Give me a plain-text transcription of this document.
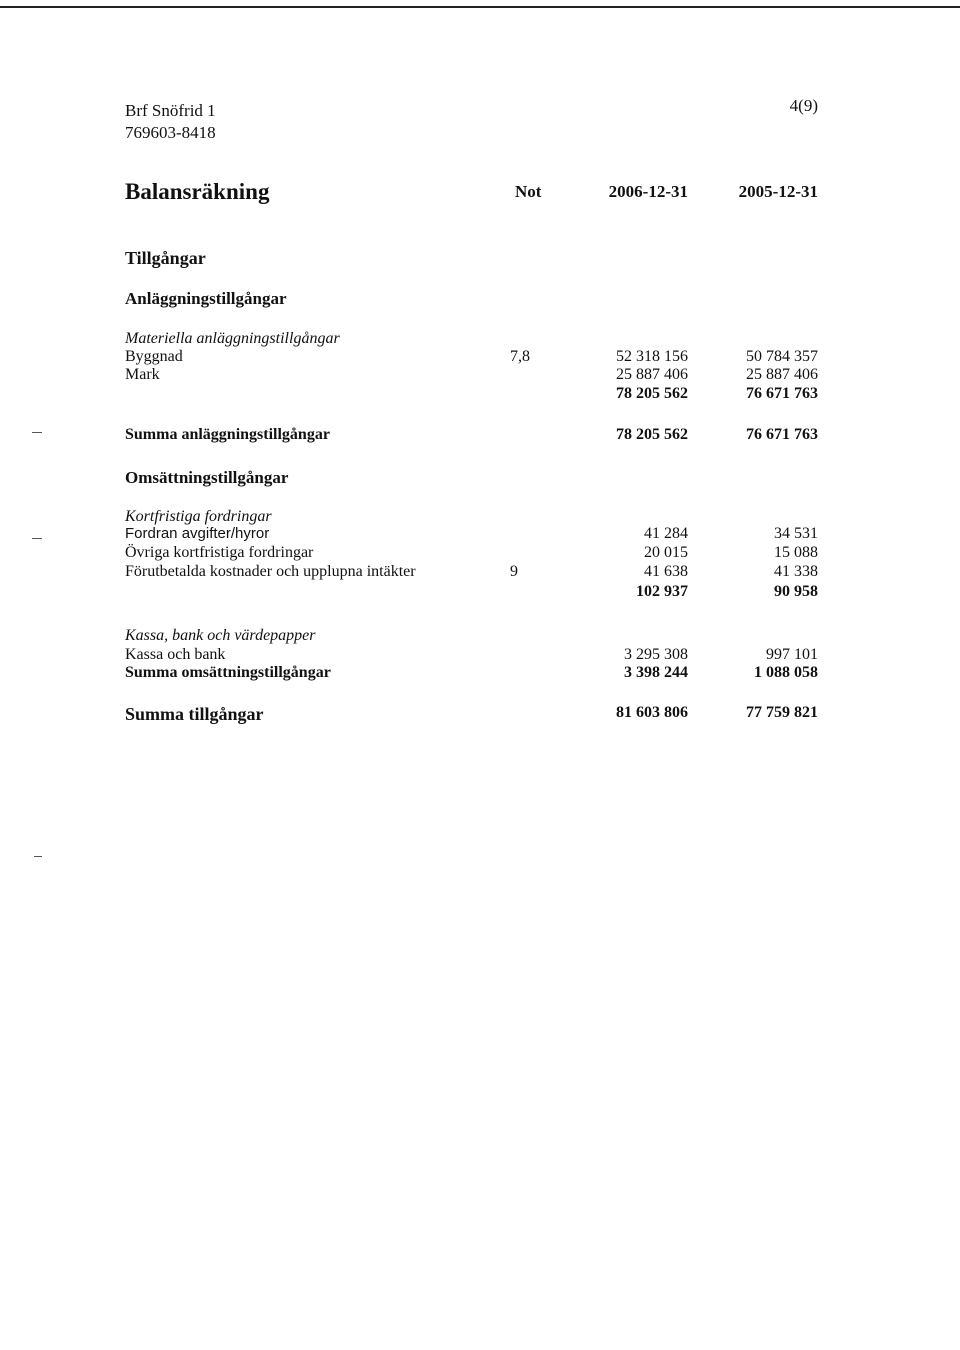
Brf Snöfrid 1
769603-8418
4(9)
Balansräkning	Not	2006-12-31	2005-12-31
Tillgångar
Anläggningstillgångar
Materiella anläggningstillgångar
Byggnad	7,8	52 318 156	50 784 357
Mark	25 887 406	25 887 406
78 205 562	76 671 763
Summa anläggningstillgångar	78 205 562	76 671 763
Omsättningstillgångar
Kortfristiga fordringar
Fordran avgifter/hyror	41 284	34 531
Övriga kortfristiga fordringar	20 015	15 088
Förutbetalda kostnader och upplupna intäkter	9	41 638	41 338
102 937	90 958
Kassa, bank och värdepapper
Kassa och bank	3 295 308	997 101
Summa omsättningstillgångar	3 398 244	1 088 058
Summa tillgångar	81 603 806	77 759 821
